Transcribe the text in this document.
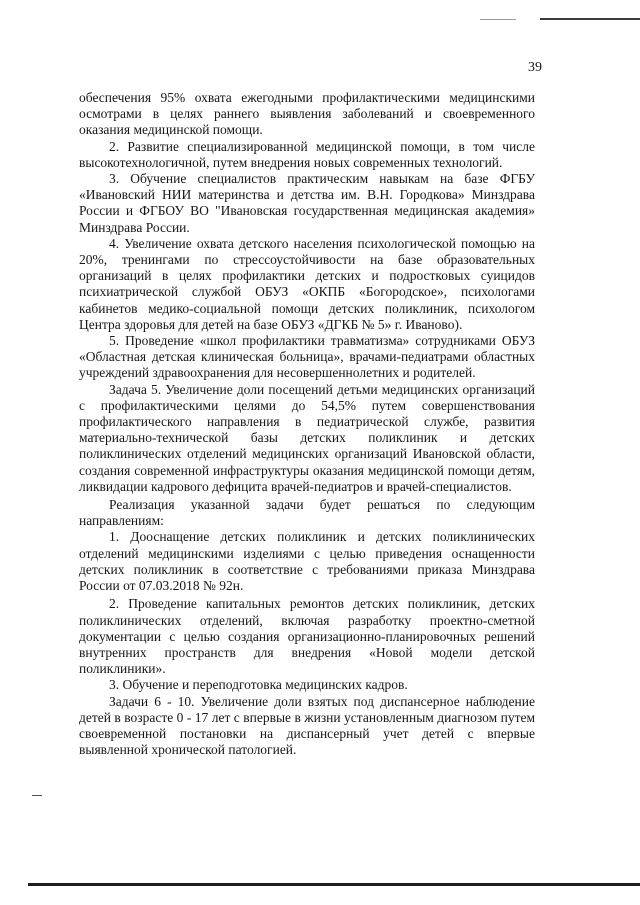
39

обеспечения 95% охвата ежегодными профилактическими медицинскими осмотрами в целях раннего выявления заболеваний и своевременного оказания медицинской помощи.

2. Развитие специализированной медицинской помощи, в том числе высокотехнологичной, путем внедрения новых современных технологий.

3. Обучение специалистов практическим навыкам на базе ФГБУ «Ивановский НИИ материнства и детства им. В.Н. Городкова» Минздрава России и ФГБОУ ВО "Ивановская государственная медицинская академия» Минздрава России.

4. Увеличение охвата детского населения психологической помощью на 20%, тренингами по стрессоустойчивости на базе образовательных организаций в целях профилактики детских и подростковых суицидов психиатрической службой ОБУЗ «ОКПБ «Богородское», психологами кабинетов медико-социальной помощи детских поликлиник, психологом Центра здоровья для детей на базе ОБУЗ «ДГКБ № 5» г. Иваново).

5. Проведение «школ профилактики травматизма» сотрудниками ОБУЗ «Областная детская клиническая больница», врачами-педиатрами областных учреждений здравоохранения для несовершеннолетних и родителей.

Задача 5. Увеличение доли посещений детьми медицинских организаций с профилактическими целями до 54,5% путем совершенствования профилактического направления в педиатрической службе, развития материально-технической базы детских поликлиник и детских поликлинических отделений медицинских организаций Ивановской области, создания современной инфраструктуры оказания медицинской помощи детям, ликвидации кадрового дефицита врачей-педиатров и врачей-специалистов.

Реализация указанной задачи будет решаться по следующим направлениям:

1. Дооснащение детских поликлиник и детских поликлинических отделений медицинскими изделиями с целью приведения оснащенности детских поликлиник в соответствие с требованиями приказа Минздрава России от 07.03.2018 № 92н.

2. Проведение капитальных ремонтов детских поликлиник, детских поликлинических отделений, включая разработку проектно-сметной документации с целью создания организационно-планировочных решений внутренних пространств для внедрения «Новой модели детской поликлиники».

3. Обучение и переподготовка медицинских кадров.

Задачи 6 - 10. Увеличение доли взятых под диспансерное наблюдение детей в возрасте 0 - 17 лет с впервые в жизни установленным диагнозом путем своевременной постановки на диспансерный учет детей с впервые выявленной хронической патологией.
